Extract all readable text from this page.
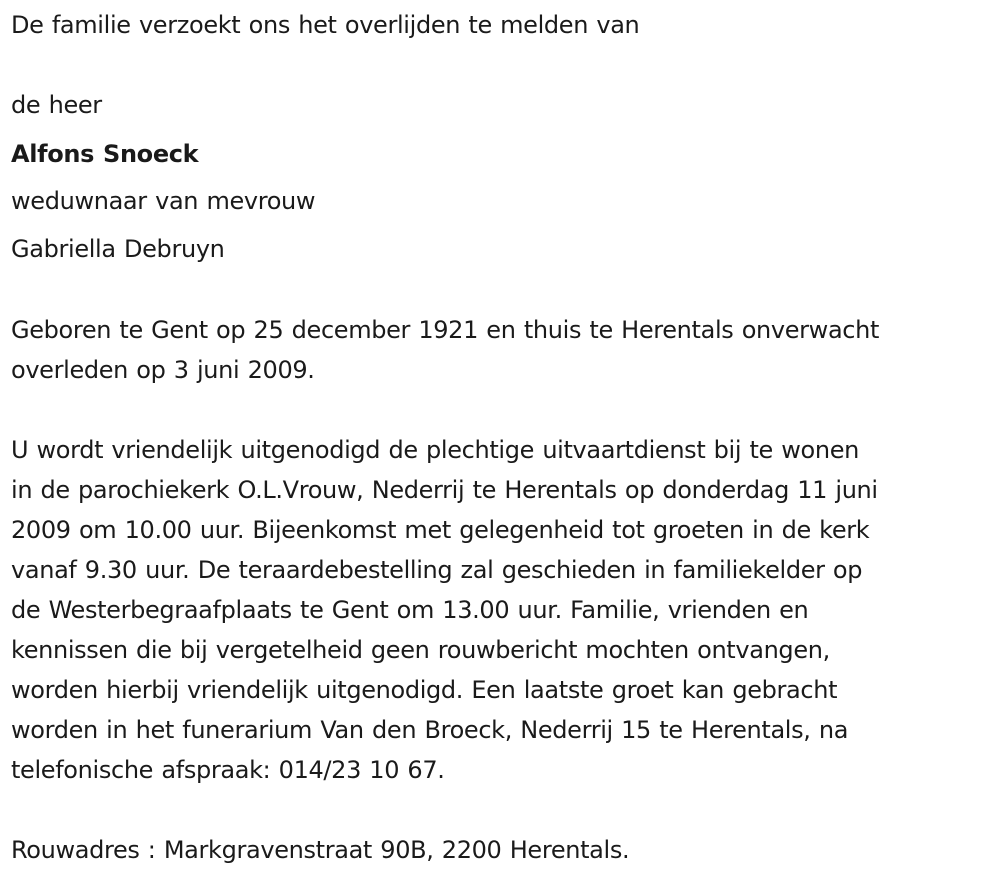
De familie verzoekt ons het overlijden te melden van
de heer
Alfons Snoeck
weduwnaar van mevrouw
Gabriella Debruyn
Geboren te Gent op 25 december 1921 en thuis te Herentals onverwacht
overleden op 3 juni 2009.
U wordt vriendelijk uitgenodigd de plechtige uitvaartdienst bij te wonen
in de parochiekerk O.L.Vrouw, Nederrij te Herentals op donderdag 11 juni
2009 om 10.00 uur. Bijeenkomst met gelegenheid tot groeten in de kerk
vanaf 9.30 uur. De teraardebestelling zal geschieden in familiekelder op
de Westerbegraafplaats te Gent om 13.00 uur. Familie, vrienden en
kennissen die bij vergetelheid geen rouwbericht mochten ontvangen,
worden hierbij vriendelijk uitgenodigd. Een laatste groet kan gebracht
worden in het funerarium Van den Broeck, Nederrij 15 te Herentals, na
telefonische afspraak: 014/23 10 67.
Rouwadres : Markgravenstraat 90B, 2200 Herentals.
